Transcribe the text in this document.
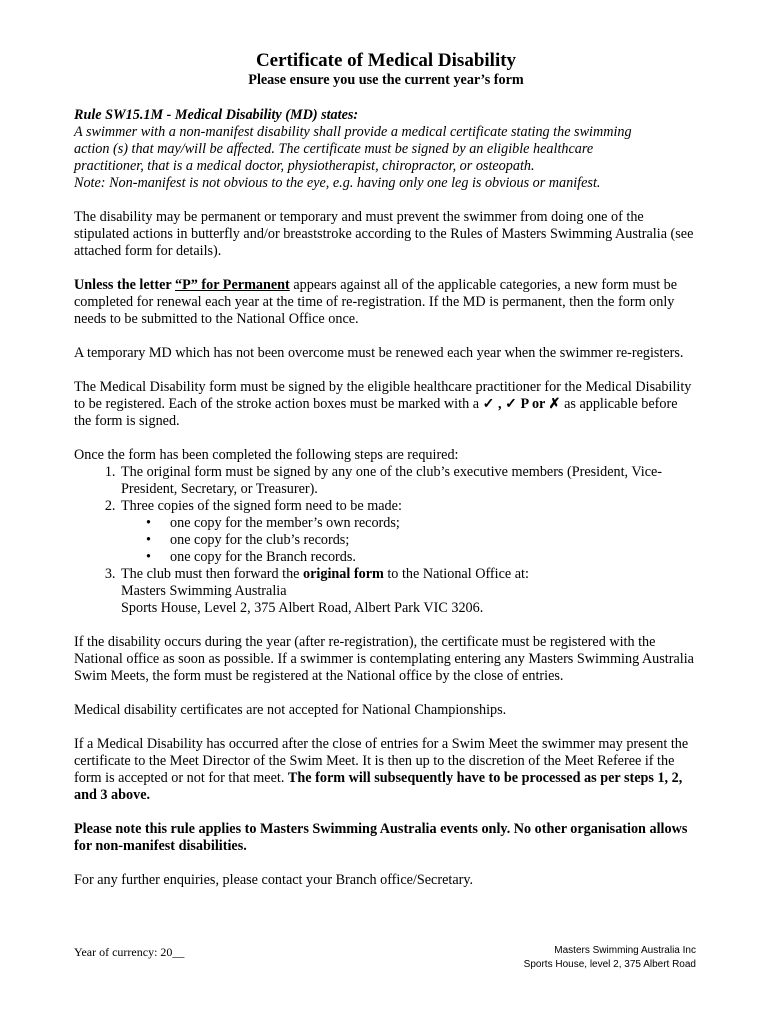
Certificate of Medical Disability
Please ensure you use the current year’s form
Rule SW15.1M - Medical Disability (MD) states:
A swimmer with a non-manifest disability shall provide a medical certificate stating the swimming
action (s) that may/will be affected. The certificate must be signed by an eligible healthcare
practitioner, that is a medical doctor, physiotherapist, chiropractor, or osteopath.
Note: Non-manifest is not obvious to the eye, e.g. having only one leg is obvious or manifest.

The disability may be permanent or temporary and must prevent the swimmer from doing one of the stipulated actions in butterfly and/or breaststroke according to the Rules of Masters Swimming Australia (see attached form for details).

Unless the letter “P” for Permanent appears against all of the applicable categories, a new form must be completed for renewal each year at the time of re-registration. If the MD is permanent, then the form only needs to be submitted to the National Office once.

A temporary MD which has not been overcome must be renewed each year when the swimmer re-registers.

The Medical Disability form must be signed by the eligible healthcare practitioner for the Medical Disability to be registered. Each of the stroke action boxes must be marked with a ✓ , ✓ P or ✗ as applicable before the form is signed.

Once the form has been completed the following steps are required:
1. The original form must be signed by any one of the club’s executive members (President, Vice-President, Secretary, or Treasurer).
2. Three copies of the signed form need to be made:
• one copy for the member’s own records;
• one copy for the club’s records;
• one copy for the Branch records.
3. The club must then forward the original form to the National Office at:
Masters Swimming Australia
Sports House, Level 2, 375 Albert Road, Albert Park VIC 3206.

If the disability occurs during the year (after re-registration), the certificate must be registered with the National office as soon as possible. If a swimmer is contemplating entering any Masters Swimming Australia Swim Meets, the form must be registered at the National office by the close of entries.

Medical disability certificates are not accepted for National Championships.

If a Medical Disability has occurred after the close of entries for a Swim Meet the swimmer may present the certificate to the Meet Director of the Swim Meet. It is then up to the discretion of the Meet Referee if the form is accepted or not for that meet. The form will subsequently have to be processed as per steps 1, 2, and 3 above.

Please note this rule applies to Masters Swimming Australia events only. No other organisation allows for non-manifest disabilities.

For any further enquiries, please contact your Branch office/Secretary.

Year of currency: 20__	Masters Swimming Australia Inc
Sports House, level 2, 375 Albert Road
